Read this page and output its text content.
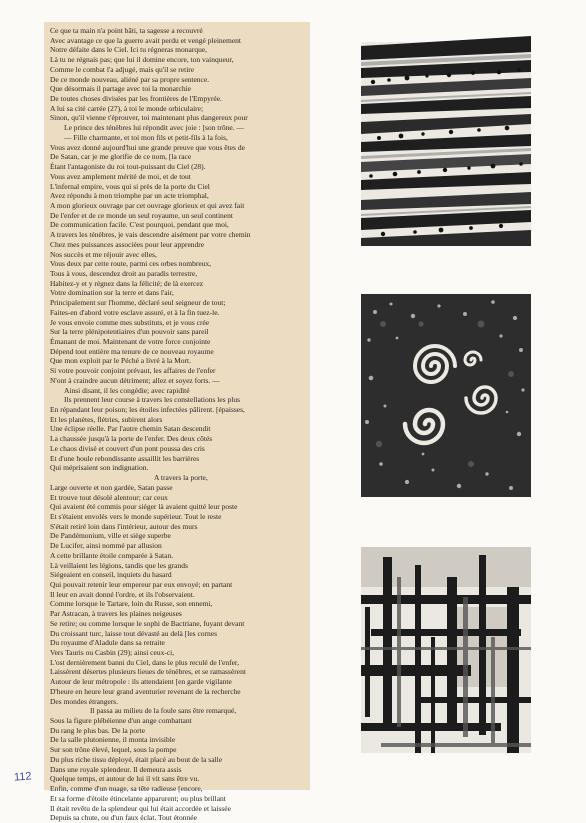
Ce que ta main n'a point bâti, ta sagesse a recouvré
Avec avantage ce que la guerre avait perdu et vengé pleinement
Notre défaite dans le Ciel. Ici tu régneras monarque,
Là tu ne régnais pas; que lui il domine encore, ton vainqueur,
Comme le combat l'a adjugé, mais qu'il se retire
De ce monde nouveau, aliéné par sa propre sentence.
Que désormais il partage avec toi la monarchie
De toutes choses divisées par les frontières de l'Empyrée.
A lui sa cité carrée (27), à toi le monde orbiculaire;
Sinon, qu'il vienne t'éprouver, toi maintenant plus dangereux pour
Le prince des ténèbres lui répondit avec joie : [son trône. —
— Fille charmante, et toi mon fils et petit-fils à la fois,
Vous avez donné aujourd'hui une grande preuve que vous êtes de
De Satan, car je me glorifie de ce nom, [la race
Étant l'antagoniste du roi tout-puissant du Ciel (28).
Vous avez amplement mérité de moi, et de tout
L'infernal empire, vous qui si près de la porte du Ciel
Avez répondu à mon triomphe par un acte triomphal,
A mon glorieux ouvrage par cet ouvrage glorieux et qui avez fait
De l'enfer et de ce monde un seul royaume, un seul continent
De communication facile. C'est pourquoi, pendant que moi,
A travers les ténèbres, je vais descendre aisément par votre chemin
Chez mes puissances associées pour leur apprendre
Nos succès et me réjouir avec elles,
Vous deux par cette route, parmi ces orbes nombreux,
Tous à vous, descendez droit au paradis terrestre,
Habitez-y et y régnez dans la félicité; de là exercez
Votre domination sur la terre et dans l'air,
Principalement sur l'homme, déclaré seul seigneur de tout;
Faites-en d'abord votre esclave assuré, et à la fin tuez-le.
Je vous envoie comme mes substituts, et je vous crée
Sur la terre plénipotentiaires d'un pouvoir sans pareil
Émanant de moi. Maintenant de votre force conjointe
Dépend tout entière ma tenure de ce nouveau royaume
Que mon exploit par le Péché a livré à la Mort.
Si votre pouvoir conjoint prévaut, les affaires de l'enfer
N'ont à craindre aucun détriment; allez et soyez forts. —
Ainsi disant, il les congédie; avec rapidité
Ils prennent leur course à travers les constellations les plus
En répandant leur poison; les étoiles infectées pâlirent. [épaisses,
Et les planètes, flétries, subirent alors
Une éclipse réelle. Par l'autre chemin Satan descendit
La chaussée jusqu'à la porte de l'enfer. Des deux côtés
Le chaos divisé et couvert d'un pont poussa des cris
Et d'une houle rebondissante assaillit les barrières
Qui méprisaient son indignation.
A travers la porte,
Large ouverte et non gardée, Satan passe
Et trouve tout désolé alentour; car ceux
Qui avaient été commis pour siéger là avaient quitté leur poste
Et s'étaient envolés vers le monde supérieur. Tout le reste
S'était retiré loin dans l'intérieur, autour des murs
De Pandémonium, ville et siège superbe
De Lucifer, ainsi nommé par allusion
A cette brillante étoile comparée à Satan.
Là veillaient les légions, tandis que les grands
Siégeaient en conseil, inquiets du hasard
Qui pouvait retenir leur empereur par eux envoyé; en partant
Il leur en avait donné l'ordre, et ils l'observaient.
Comme lorsque le Tartare, loin du Russe, son ennemi,
Par Astracan, à travers les plaines neigeuses
Se retire; ou comme lorsque le sophi de Bactriane, fuyant devant
Du croissant turc, laisse tout dévasté au delà [les cornes
Du royaume d'Aladule dans sa retraite
Vers Tauris ou Casbin (29); ainsi ceux-ci,
L'ost dernièrement banni du Ciel, dans le plus reculé de l'enfer,
Laissèrent désertes plusieurs lieues de ténèbres, et se ramassèrent
Autour de leur métropole : ils attendaient [en garde vigilante
D'heure en heure leur grand aventurier revenant de la recherche
Des mondes étrangers.
Il passa au milieu de la foule sans être remarqué,
Sous la figure plébéienne d'un ange combattant
Du rang le plus bas. De la porte
De la salle plutonienne, il monta invisible
Sur son trône élevé, lequel, sous la pompe
Du plus riche tissu déployé, était placé au bout de la salle
Dans une royale splendeur. Il demeura assis
Quelque temps, et autour de lui il vit sans être vu.
Enfin, comme d'un nuage, sa tête radieuse [encore,
Et sa forme d'étoile étincelante apparurent; ou plus brillant
Il était revêtu de la splendeur qui lui était accordée et laissée
Depuis sa chute, ou d'un faux éclat. Tout étonnée
112
